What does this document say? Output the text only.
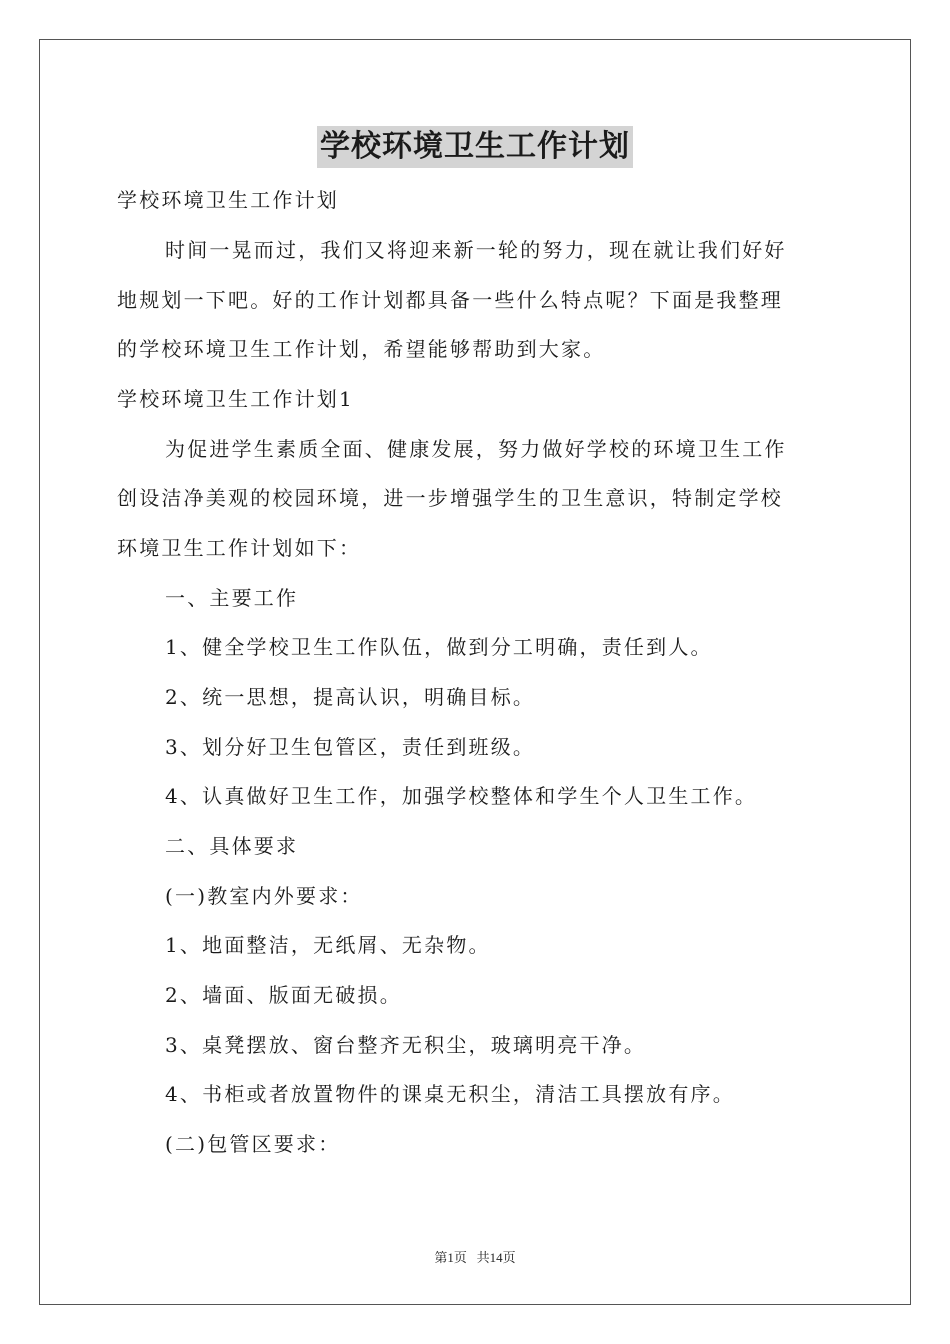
学校环境卫生工作计划
学校环境卫生工作计划
时间一晃而过，我们又将迎来新一轮的努力，现在就让我们好好
地规划一下吧。好的工作计划都具备一些什么特点呢？下面是我整理
的学校环境卫生工作计划，希望能够帮助到大家。
学校环境卫生工作计划1
为促进学生素质全面、健康发展，努力做好学校的环境卫生工作
创设洁净美观的校园环境，进一步增强学生的卫生意识，特制定学校
环境卫生工作计划如下：
一、主要工作
1、健全学校卫生工作队伍，做到分工明确，责任到人。
2、统一思想，提高认识，明确目标。
3、划分好卫生包管区，责任到班级。
4、认真做好卫生工作，加强学校整体和学生个人卫生工作。
二、具体要求
(一)教室内外要求：
1、地面整洁，无纸屑、无杂物。
2、墙面、版面无破损。
3、桌凳摆放、窗台整齐无积尘，玻璃明亮干净。
4、书柜或者放置物件的课桌无积尘，清洁工具摆放有序。
(二)包管区要求：
第1页   共14页
